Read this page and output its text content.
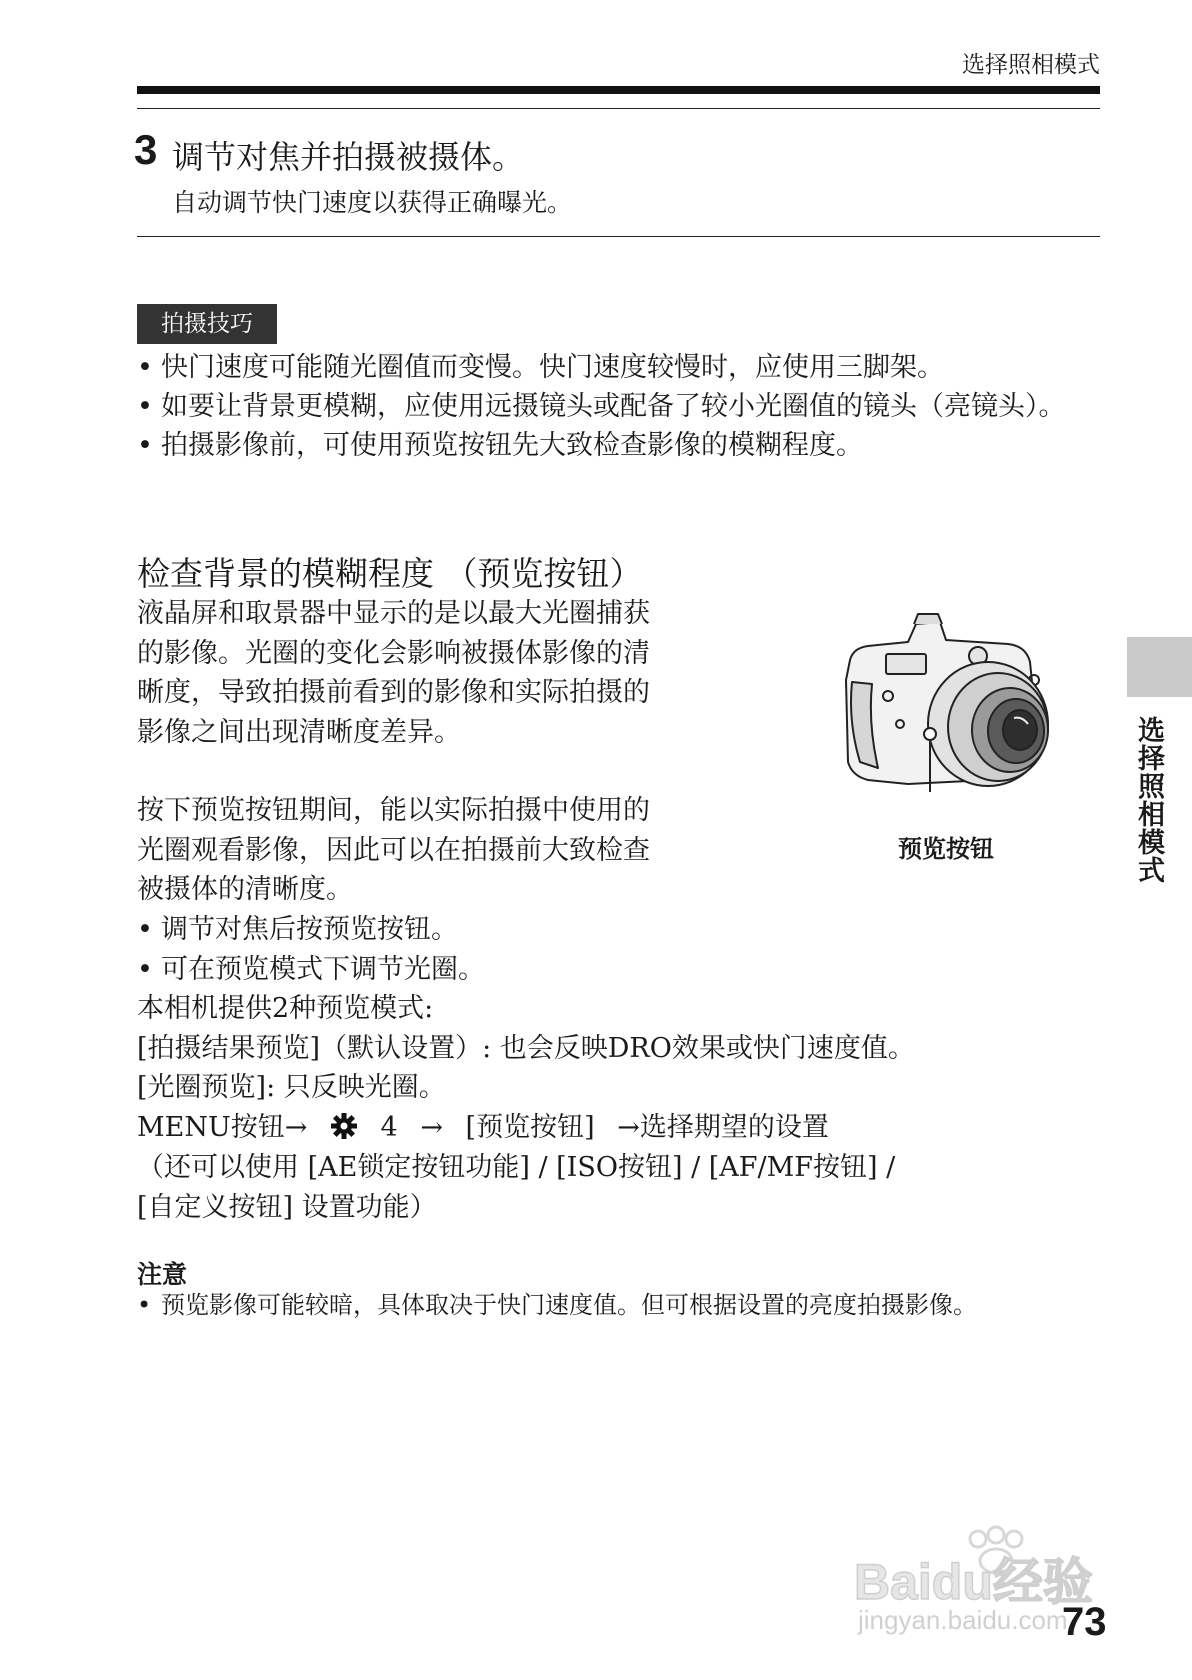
选择照相模式
3 调节对焦并拍摄被摄体。
自动调节快门速度以获得正确曝光。
拍摄技巧
• 快门速度可能随光圈值而变慢。快门速度较慢时，应使用三脚架。
• 如要让背景更模糊，应使用远摄镜头或配备了较小光圈值的镜头（亮镜头）。
• 拍摄影像前，可使用预览按钮先大致检查影像的模糊程度。
检查背景的模糊程度 （预览按钮）

液晶屏和取景器中显示的是以最大光圈捕获的影像。光圈的变化会影响被摄体影像的清晰度，导致拍摄前看到的影像和实际拍摄的影像之间出现清晰度差异。

按下预览按钮期间，能以实际拍摄中使用的光圈观看影像，因此可以在拍摄前大致检查被摄体的清晰度。

• 调节对焦后按预览按钮。
• 可在预览模式下调节光圈。
本相机提供2种预览模式:
[拍摄结果预览]（默认设置）: 也会反映DRO效果或快门速度值。
[光圈预览]: 只反映光圈。
MENU按钮→	4 → [预览按钮] →选择期望的设置
（还可以使用 [AE锁定按钮功能] / [ISO按钮] / [AF/MF按钮] /
[自定义按钮] 设置功能）
预览按钮	选择照相模式
注意
• 预览影像可能较暗，具体取决于快门速度值。但可根据设置的亮度拍摄影像。
Baidu经验
jingyan.baidu.com
73
